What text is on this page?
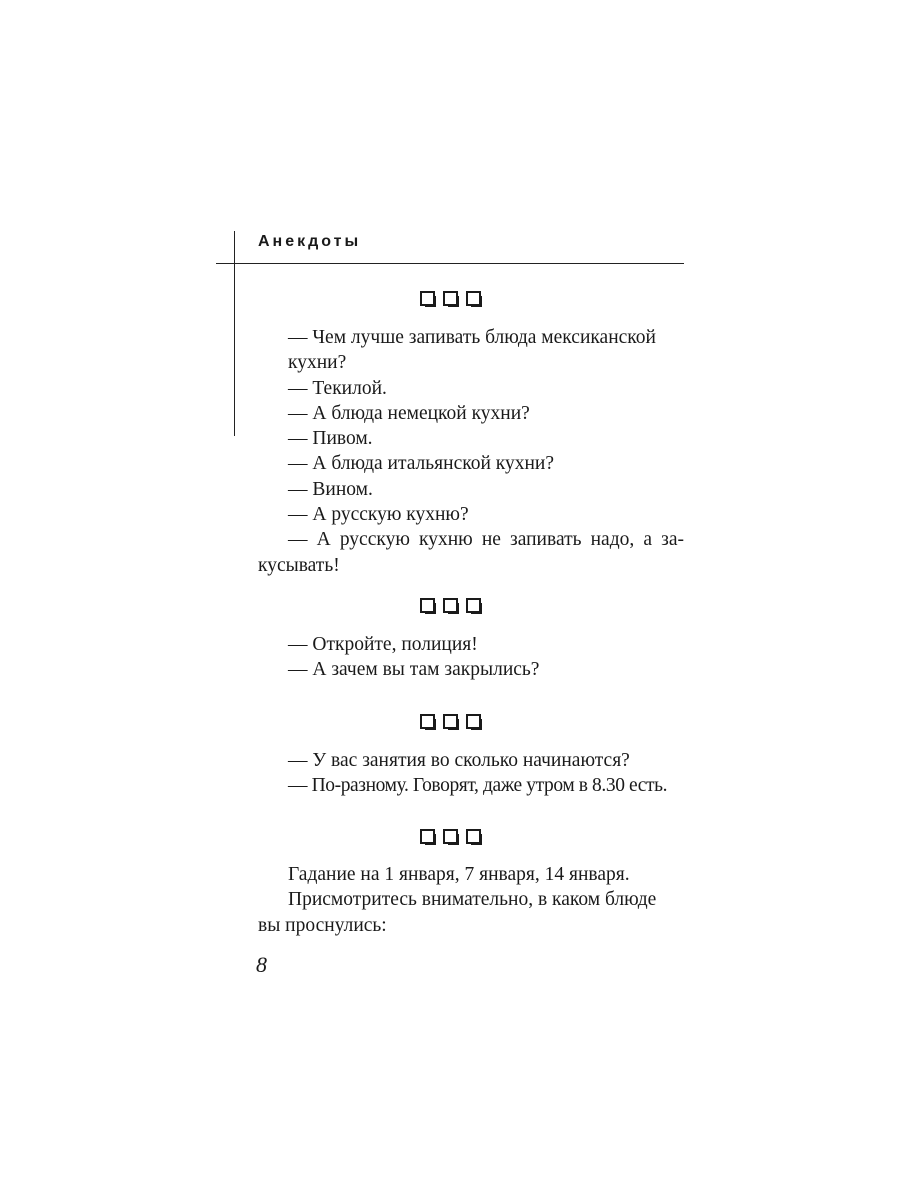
Анекдоты
— Чем лучше запивать блюда мексиканской
кухни?
— Текилой.
— А блюда немецкой кухни?
— Пивом.
— А блюда итальянской кухни?
— Вином.
— А русскую кухню?
— А русскую кухню не запивать надо, а за-
кусывать!
— Откройте, полиция!
— А зачем вы там закрылись?
— У вас занятия во сколько начинаются?
— По-разному. Говорят, даже утром в 8.30 есть.
Гадание на 1 января, 7 января, 14 января.
Присмотритесь внимательно, в каком блюде
вы проснулись:
8
